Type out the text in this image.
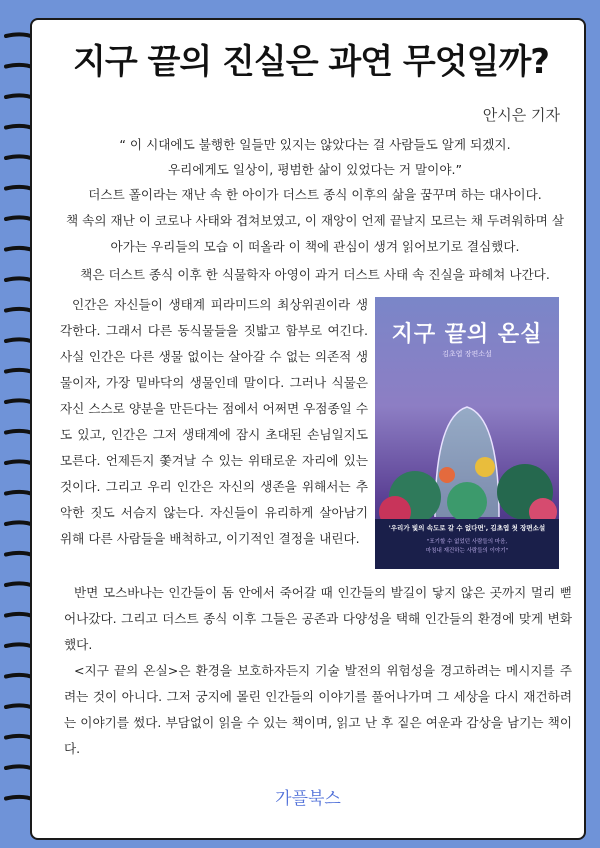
지구 끝의 진실은 과연 무엇일까?
안시은 기자
“ 이 시대에도 불행한 일들만 있지는 않았다는 걸 사람들도 알게 되겠지.
우리에게도 일상이, 평범한 삶이 있었다는 거 말이야.”
더스트 폴이라는 재난 속 한 아이가 더스트 종식 이후의 삶을 꿈꾸며 하는 대사이다.
책 속의 재난 이 코로나 사태와 겹쳐보였고, 이 재앙이 언제 끝날지 모르는 채 두려워하며 살아가는 우리들의 모습 이 떠올라 이 책에 관심이 생겨 읽어보기로 결심했다.
책은 더스트 종식 이후 한 식물학자 아영이 과거 더스트 사태 속 진실을 파헤쳐 나간다.
인간은 자신들이 생태계 피라미드의 최상위권이라 생각한다. 그래서 다른 동식물들을 짓밟고 함부로 여긴다. 사실 인간은 다른 생물 없이는 살아갈 수 없는 의존적 생물이자, 가장 밑바닥의 생물인데 말이다. 그러나 식물은 자신 스스로 양분을 만든다는 점에서 어쩌면 우점종일 수도 있고, 인간은 그저 생태계에 잠시 초대된 손님일지도 모른다. 언제든지 쫓겨날 수 있는 위태로운 자리에 있는 것이다. 그리고 우리 인간은 자신의 생존을 위해서는 추악한 짓도 서슴지 않는다. 자신들이 유리하게 살아남기 위해 다른 사람들을 배척하고, 이기적인 결정을 내린다.
지구 끝의 온실
김초엽 장편소설
'우리가 빛의 속도로 갈 수 없다면', 김초엽 첫 장편소설
"포기할 수 없었던 사람들의 마음,
마침내 재건하는 사람들의 이야기"
반면 모스바나는 인간들이 돔 안에서 죽어갈 때 인간들의 발길이 닿지 않은 곳까지 멀리 뻗어나갔다. 그리고 더스트 종식 이후 그들은 공존과 다양성을 택해 인간들의 환경에 맞게 변화했다.
<지구 끝의 온실>은 환경을 보호하자든지 기술 발전의 위험성을 경고하려는 메시지를 주려는 것이 아니다. 그저 궁지에 몰린 인간들의 이야기를 풀어나가며 그 세상을 다시 재건하려는 이야기를 썼다. 부담없이 읽을 수 있는 책이며, 읽고 난 후 짙은 여운과 감상을 남기는 책이다.
가플북스
